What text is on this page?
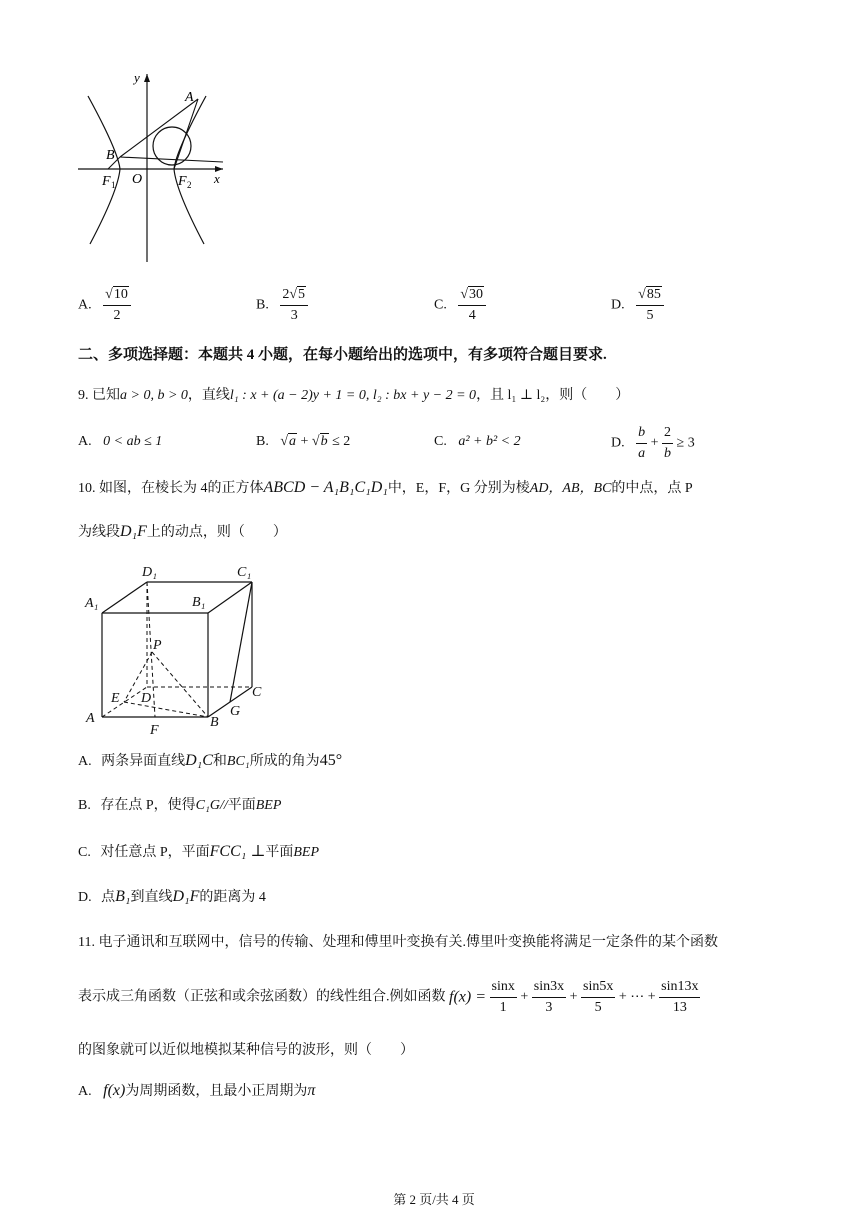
y
A
B
F 1 O	F 2 x
A. $\frac{√10}{2}$	B. $\frac{2√5}{3}$	C. $\frac{√30}{4}$	D. $\frac{√85}{5}$
二、多项选择题：本题共 4 小题，在每小题给出的选项中，有多项符合题目要求.
9. 已知a > 0, b > 0，直线l₁ : x + (a − 2)y + 1 = 0, l₂ : bx + y − 2 = 0，且 l₁ ⊥ l₂，则（　　）
A. 0 < ab ≤ 1	B. √a + √b ≤ 2	C. a² + b² < 2	D. $\frac{b}{a} + \frac{2}{b} \ge 3$
10. 如图，在棱长为 4的正方体ABCD − A₁B₁C₁D₁中，E，F，G 分别为棱AD，AB，BC的中点，点 P
为线段D₁F上的动点，则（　　）
D₁	C₁
A₁	B₁
P
E D	C
A
F
B
G
A. 两条异面直线D₁C和BC₁所成的角为45°
B. 存在点 P，使得C₁G//平面BEP
C. 对任意点 P，平面FCC₁ ⊥平面BEP
D. 点B₁到直线D₁F的距离为 4
11. 电子通讯和互联网中，信号的传输、处理和傅里叶变换有关.傅里叶变换能将满足一定条件的某个函数
表示成三角函数（正弦和或余弦函数）的线性组合.例如函数 $f(x) = \frac{\sin x}{1} + \frac{\sin 3x}{3} + \frac{\sin 5x}{5}$ + ⋯ + $\frac{\sin 13x}{13}$
的图象就可以近似地模拟某种信号的波形，则（　　）
A. f(x)为周期函数，且最小正周期为π
第 2 页/共 4 页
